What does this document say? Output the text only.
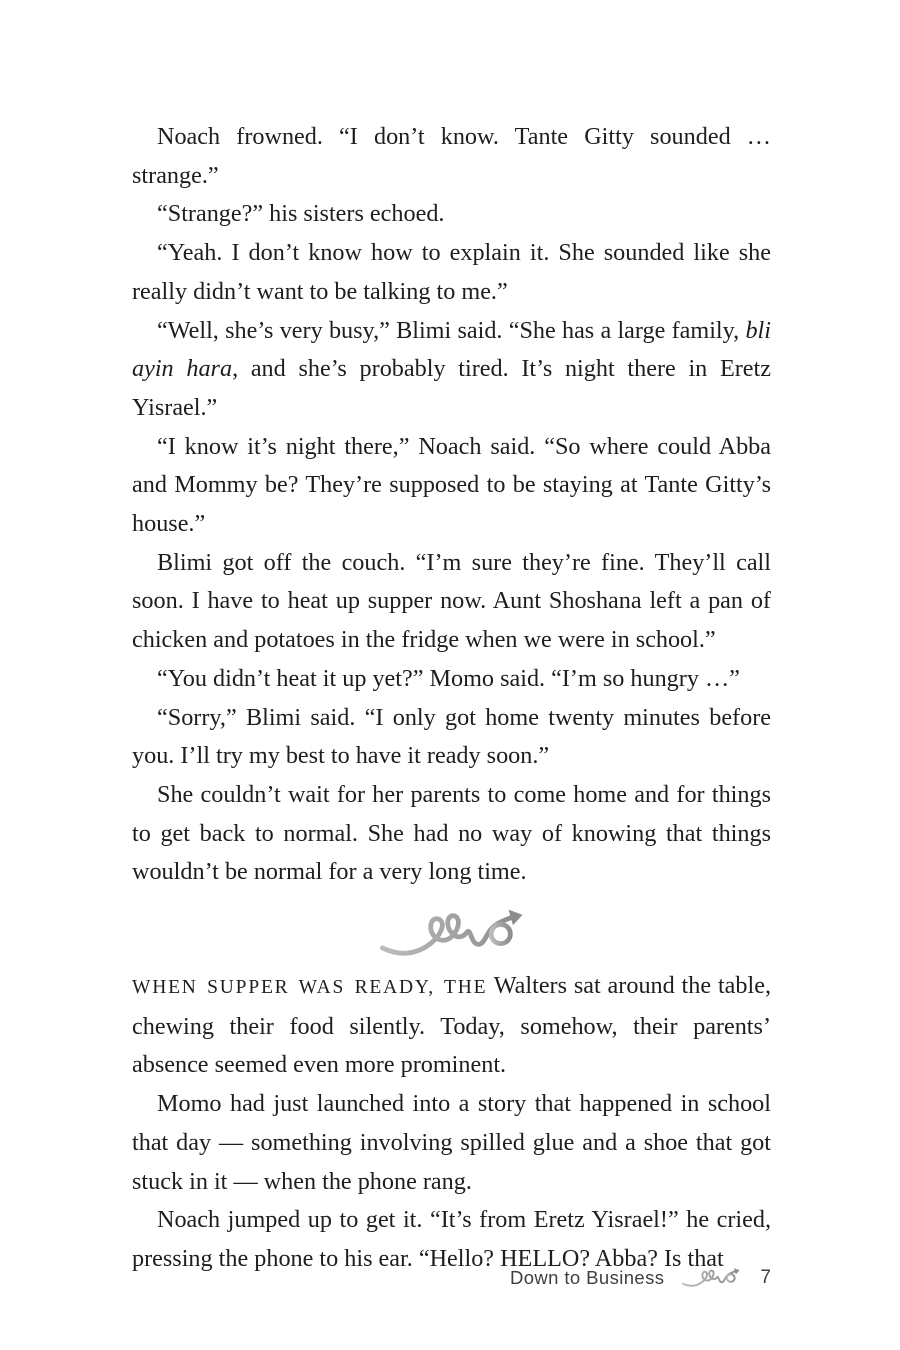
Noach frowned. “I don’t know. Tante Gitty sounded …strange.”

“Strange?” his sisters echoed.

“Yeah. I don’t know how to explain it. She sounded like she really didn’t want to be talking to me.”

“Well, she’s very busy,” Blimi said. “She has a large family, bli ayin hara, and she’s probably tired. It’s night there in Eretz Yisrael.”

“I know it’s night there,” Noach said. “So where could Abba and Mommy be? They’re supposed to be staying at Tante Gitty’s house.”

Blimi got off the couch. “I’m sure they’re fine. They’ll call soon. I have to heat up supper now. Aunt Shoshana left a pan of chicken and potatoes in the fridge when we were in school.”

“You didn’t heat it up yet?” Momo said. “I’m so hungry …”

“Sorry,” Blimi said. “I only got home twenty minutes before you. I’ll try my best to have it ready soon.”

She couldn’t wait for her parents to come home and for things to get back to normal. She had no way of knowing that things wouldn’t be normal for a very long time.

WHEN SUPPER WAS READY, THE Walters sat around the table, chewing their food silently. Today, somehow, their parents’ absence seemed even more prominent.

Momo had just launched into a story that happened in school that day — something involving spilled glue and a shoe that got stuck in it — when the phone rang.

Noach jumped up to get it. “It’s from Eretz Yisrael!” he cried, pressing the phone to his ear. “Hello? HELLO? Abba? Is that

Down to Business	7
